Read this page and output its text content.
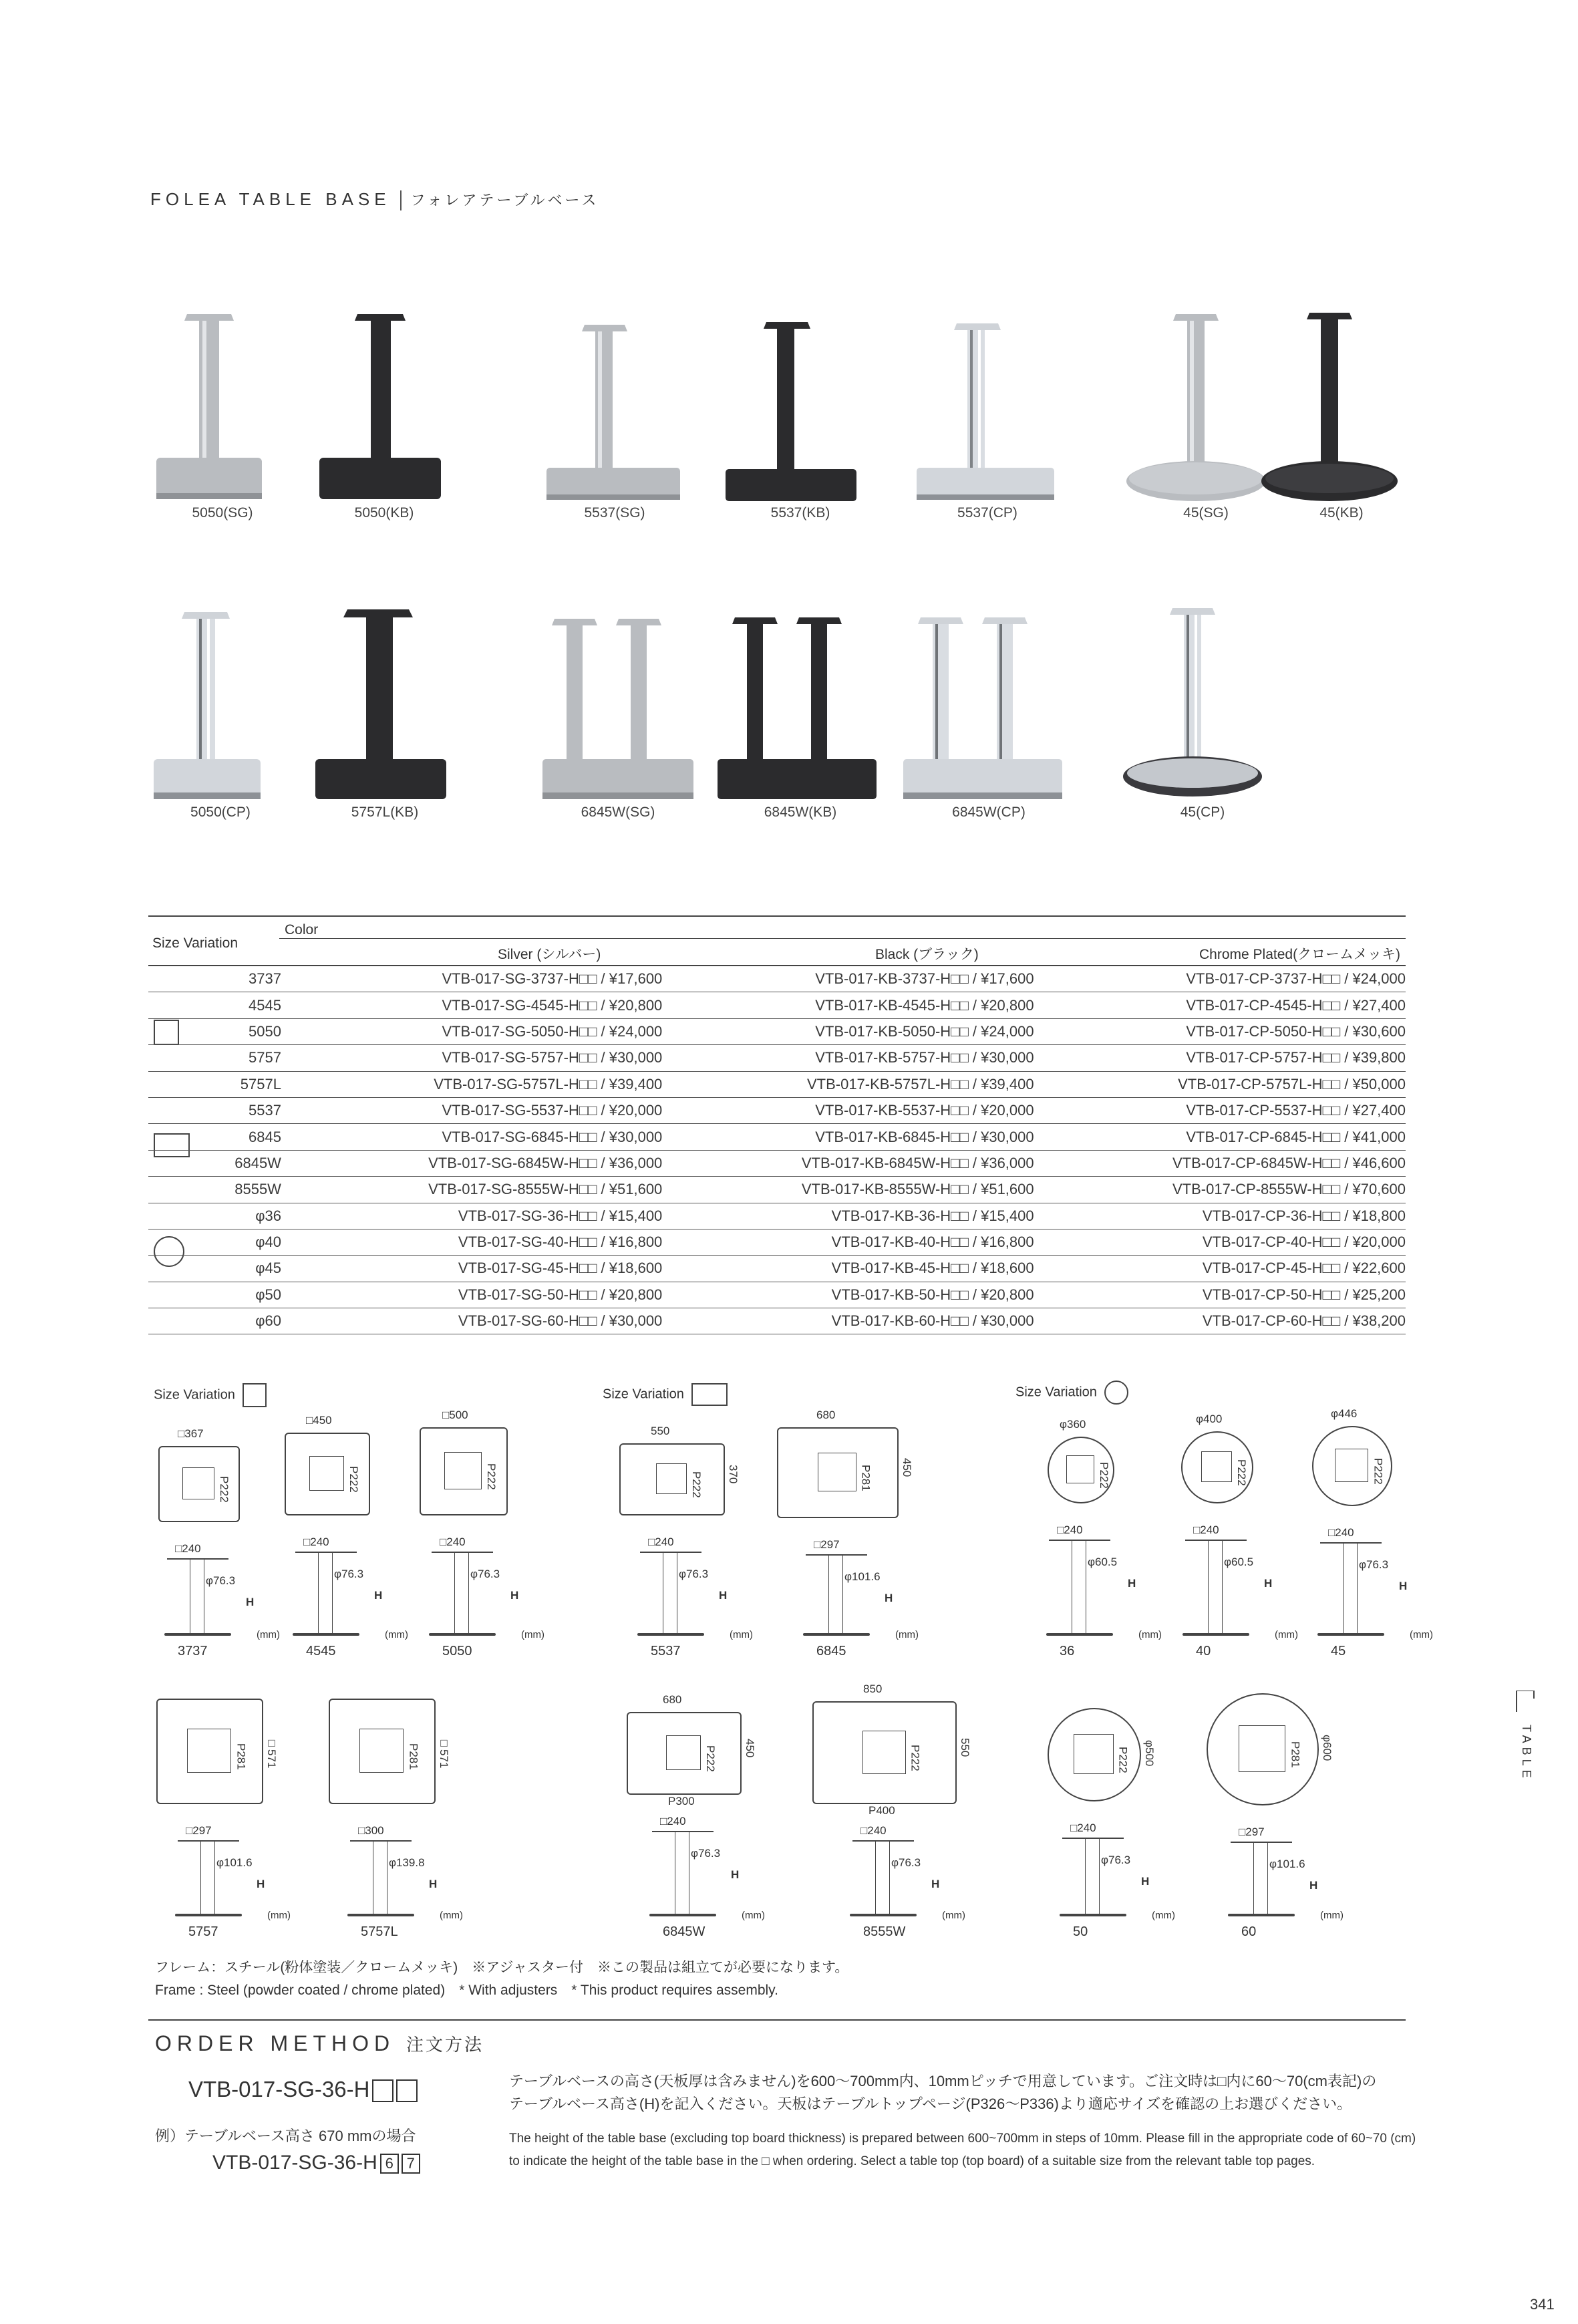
FOLEA TABLE BASE フォレアテーブルベース
5050(SG)	5050(KB)	5537(SG)	5537(KB)	5537(CP)	45(SG)	45(KB)
5050(CP)	5757L(KB)	6845W(SG)	6845W(KB)	6845W(CP)	45(CP)
Color
Size Variation
Silver (シルバー)	Black (ブラック)	Chrome Plated(クロームメッキ)
3737	VTB-017-SG-3737-H□□ / ¥17,600	VTB-017-KB-3737-H□□ / ¥17,600	VTB-017-CP-3737-H□□ / ¥24,000
4545	VTB-017-SG-4545-H□□ / ¥20,800	VTB-017-KB-4545-H□□ / ¥20,800	VTB-017-CP-4545-H□□ / ¥27,400
5050	VTB-017-SG-5050-H□□ / ¥24,000	VTB-017-KB-5050-H□□ / ¥24,000	VTB-017-CP-5050-H□□ / ¥30,600
5757	VTB-017-SG-5757-H□□ / ¥30,000	VTB-017-KB-5757-H□□ / ¥30,000	VTB-017-CP-5757-H□□ / ¥39,800
5757L	VTB-017-SG-5757L-H□□ / ¥39,400	VTB-017-KB-5757L-H□□ / ¥39,400	VTB-017-CP-5757L-H□□ / ¥50,000
5537	VTB-017-SG-5537-H□□ / ¥20,000	VTB-017-KB-5537-H□□ / ¥20,000	VTB-017-CP-5537-H□□ / ¥27,400
6845	VTB-017-SG-6845-H□□ / ¥30,000	VTB-017-KB-6845-H□□ / ¥30,000	VTB-017-CP-6845-H□□ / ¥41,000
6845W	VTB-017-SG-6845W-H□□ / ¥36,000	VTB-017-KB-6845W-H□□ / ¥36,000	VTB-017-CP-6845W-H□□ / ¥46,600
8555W	VTB-017-SG-8555W-H□□ / ¥51,600	VTB-017-KB-8555W-H□□ / ¥51,600	VTB-017-CP-8555W-H□□ / ¥70,600
φ36	VTB-017-SG-36-H□□ / ¥15,400	VTB-017-KB-36-H□□ / ¥15,400	VTB-017-CP-36-H□□ / ¥18,800
φ40	VTB-017-SG-40-H□□ / ¥16,800	VTB-017-KB-40-H□□ / ¥16,800	VTB-017-CP-40-H□□ / ¥20,000
φ45	VTB-017-SG-45-H□□ / ¥18,600	VTB-017-KB-45-H□□ / ¥18,600	VTB-017-CP-45-H□□ / ¥22,600
φ50	VTB-017-SG-50-H□□ / ¥20,800	VTB-017-KB-50-H□□ / ¥20,800	VTB-017-CP-50-H□□ / ¥25,200
φ60	VTB-017-SG-60-H□□ / ¥30,000	VTB-017-KB-60-H□□ / ¥30,000	VTB-017-CP-60-H□□ / ¥38,200
Size Variation	Size Variation	Size Variation
□367
P222
□240
φ76.3
H
(mm)
3737
□450
P222
□240
φ76.3
H
(mm)
4545
□500
P222
□240
φ76.3
H
(mm)
5050
550
P222 370
□240
φ76.3
H
(mm)
5537
680
P281 450
□297
φ101.6
H
(mm)
6845
φ360
P222
□240
φ60.5
H
(mm)
36
φ400
P222
□240
φ60.5
H
(mm)
40
φ446
P222
□240
φ76.3
H
(mm)
45
P281 □571
□297
φ101.6
H
(mm)
5757
P281 □571
□300
φ139.8
H
(mm)
5757L
680
P222 450
P300
□240
φ76.3
H
(mm)
6845W
850
P222	550
P400
□240
φ76.3
H
(mm)
8555W
P222 φ500
□240
φ76.3
H
(mm)
50
P281 φ600
□297
φ101.6
H
(mm)
60
フレーム：スチール(粉体塗装／クロームメッキ)　※アジャスター付　※この製品は組立てが必要になります。
Frame : Steel (powder coated / chrome plated)　* With adjusters　* This product requires assembly.
ORDER METHOD 注文方法
VTB-017-SG-36-H
例）テーブルベース高さ 670 mmの場合
VTB-017-SG-36-H 6 7
テーブルベースの高さ(天板厚は含みません)を600～700mm内、10mmピッチで用意しています。ご注文時は□内に60～70(cm表記)の
テーブルベース高さ(H)を記入ください。天板はテーブルトップページ(P326～P336)より適応サイズを確認の上お選びください。
The height of the table base (excluding top board thickness) is prepared between 600~700mm in steps of 10mm. Please fill in the appropriate code of 60~70 (cm)
to indicate the height of the table base in the □ when ordering. Select a table top (top board) of a suitable size from the relevant table top pages.
TABLE
341
